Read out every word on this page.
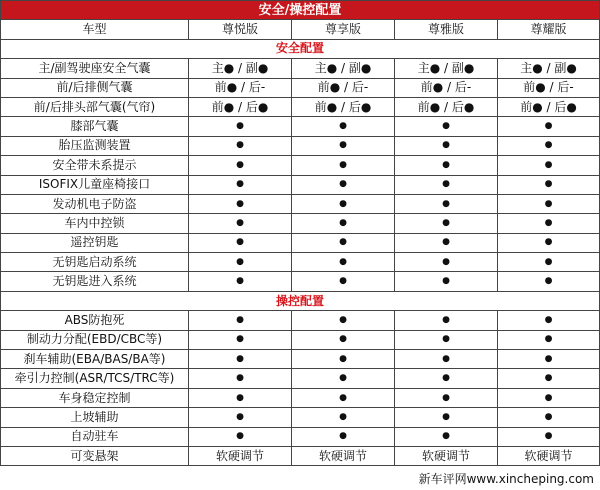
安全/操控配置				
车型	尊悦版	尊享版	尊雅版	尊耀版
安全配置				
主/副驾驶座安全气囊	主● / 副●	主● / 副●	主● / 副●	主● / 副●
前/后排侧气囊	前● / 后-	前● / 后-	前● / 后-	前● / 后-
前/后排头部气囊(气帘)	前● / 后●	前● / 后●	前● / 后●	前● / 后●
膝部气囊	●	●	●	●
胎压监测装置	●	●	●	●
安全带未系提示	●	●	●	●
ISOFIX儿童座椅接口	●	●	●	●
发动机电子防盗	●	●	●	●
车内中控锁	●	●	●	●
遥控钥匙	●	●	●	●
无钥匙启动系统	●	●	●	●
无钥匙进入系统	●	●	●	●
操控配置				
ABS防抱死	●	●	●	●
制动力分配(EBD/CBC等)	●	●	●	●
刹车辅助(EBA/BAS/BA等)	●	●	●	●
牵引力控制(ASR/TCS/TRC等)	●	●	●	●
车身稳定控制	●	●	●	●
上坡辅助	●	●	●	●
自动驻车	●	●	●	●
可变悬架	软硬调节	软硬调节	软硬调节	软硬调节
新车评网www.xincheping.com
